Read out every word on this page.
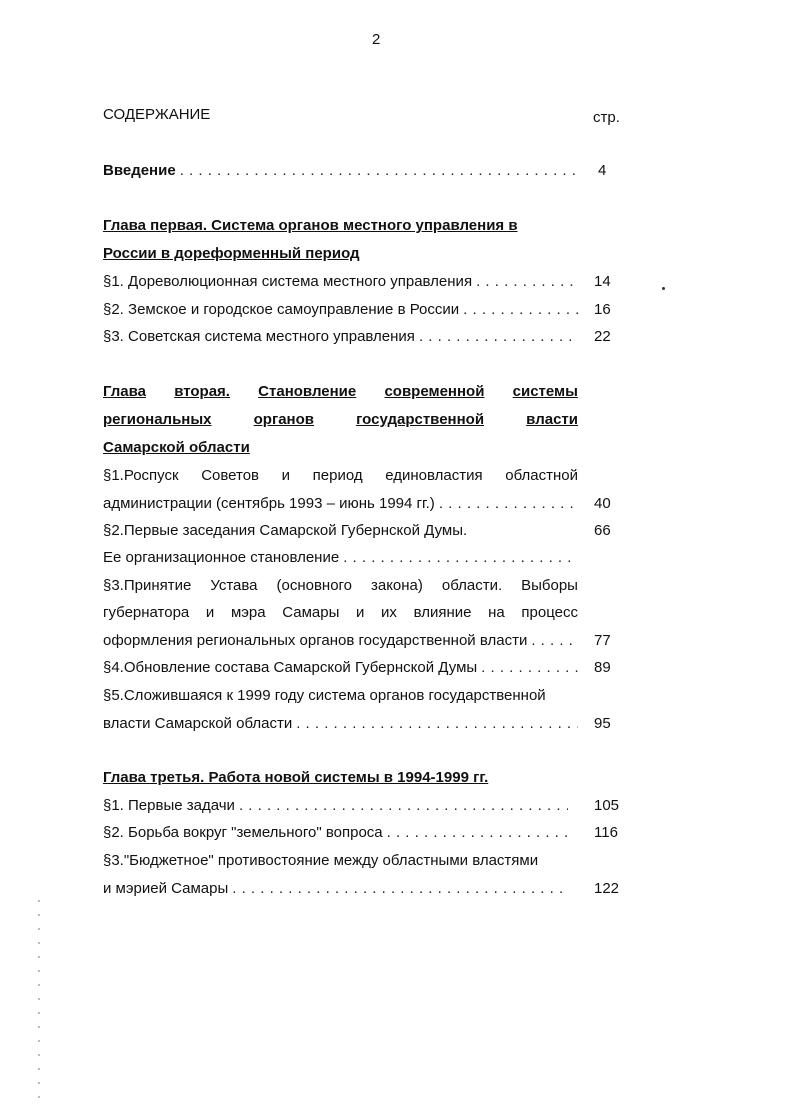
2
СОДЕРЖАНИЕ	стр.
Введение . . .	4
Глава первая. Система органов местного управления в
России в дореформенный период
§1. Дореволюционная система местного управления . . .	14
§2. Земское и городское самоуправление в России . . .	16
§3. Советская система местного управления . . .	22
Глава вторая. Становление современной системы
региональных	органов	государственной	власти
Самарской области
§1.Роспуск Советов и период единовластия областной
администрации (сентябрь 1993 – июнь 1994 гг.) . . .	40
§2.Первые заседания Самарской Губернской Думы.	66
Ее организационное становление
. . .
§3.Принятие Устава (основного закона) области. Выборы
губернатора и мэра Самары и их влияние на процесс
оформления региональных органов государственной власти . . .	77
§4.Обновление состава Самарской Губернской Думы . . .	89
§5.Сложившаяся к 1999 году система органов государственной
власти Самарской области . . .	95
Глава третья. Работа новой системы в 1994-1999 гг.
§1. Первые задачи . . .	105
§2. Борьба вокруг "земельного" вопроса . . .	116
§3."Бюджетное" противостояние между областными властями
и мэрией Самары . . .	122
